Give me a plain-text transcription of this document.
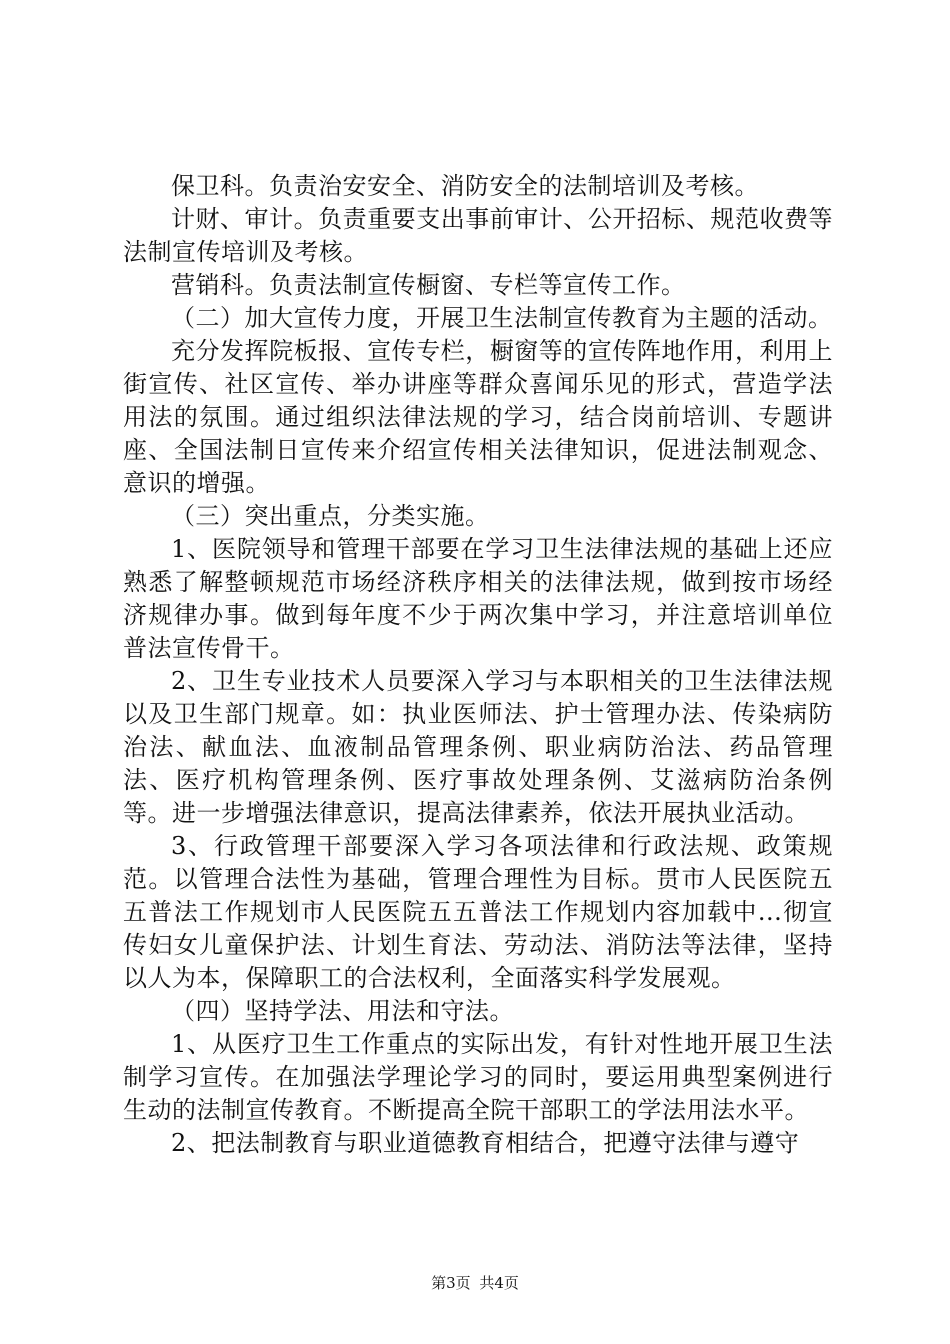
保卫科。负责治安安全、消防安全的法制培训及考核。

计财、审计。负责重要支出事前审计、公开招标、规范收费等法制宣传培训及考核。

营销科。负责法制宣传橱窗、专栏等宣传工作。

（二）加大宣传力度，开展卫生法制宣传教育为主题的活动。

充分发挥院板报、宣传专栏，橱窗等的宣传阵地作用，利用上街宣传、社区宣传、举办讲座等群众喜闻乐见的形式，营造学法用法的氛围。通过组织法律法规的学习，结合岗前培训、专题讲座、全国法制日宣传来介绍宣传相关法律知识，促进法制观念、意识的增强。

（三）突出重点，分类实施。

1、医院领导和管理干部要在学习卫生法律法规的基础上还应熟悉了解整顿规范市场经济秩序相关的法律法规，做到按市场经济规律办事。做到每年度不少于两次集中学习，并注意培训单位普法宣传骨干。

2、卫生专业技术人员要深入学习与本职相关的卫生法律法规以及卫生部门规章。如：执业医师法、护士管理办法、传染病防治法、献血法、血液制品管理条例、职业病防治法、药品管理法、医疗机构管理条例、医疗事故处理条例、艾滋病防治条例等。进一步增强法律意识，提高法律素养，依法开展执业活动。

3、行政管理干部要深入学习各项法律和行政法规、政策规范。以管理合法性为基础，管理合理性为目标。贯市人民医院五五普法工作规划市人民医院五五普法工作规划内容加载中...彻宣传妇女儿童保护法、计划生育法、劳动法、消防法等法律，坚持以人为本，保障职工的合法权利，全面落实科学发展观。

（四）坚持学法、用法和守法。

1、从医疗卫生工作重点的实际出发，有针对性地开展卫生法制学习宣传。在加强法学理论学习的同时，要运用典型案例进行生动的法制宣传教育。不断提高全院干部职工的学法用法水平。

2、把法制教育与职业道德教育相结合，把遵守法律与遵守

第3页 共4页
